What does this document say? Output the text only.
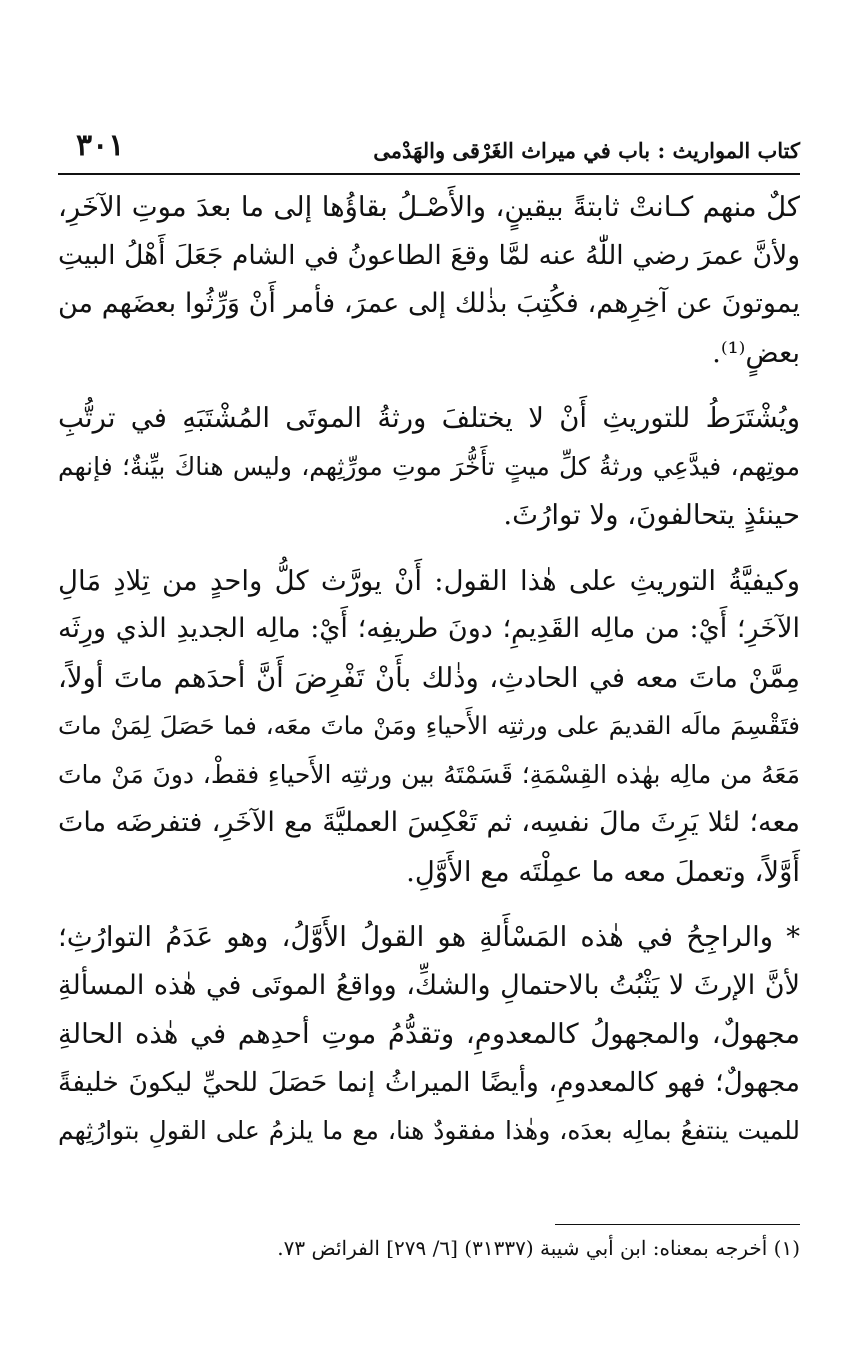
كتاب المواريث : باب في ميراث الغَرْقى والهَدْمى
٣٠١
كلٌ منهم كـانتْ ثابتةً بيقينٍ، والأَصْـلُ بقاؤُها إلى ما بعدَ موتِ الآخَرِ،
ولأنَّ عمرَ رضي اللّٰهُ عنه لمَّا وقعَ الطاعونُ في الشام جَعَلَ أَهْلُ البيتِ
يموتونَ عن آخِرِهم، فكُتِبَ بذٰلك إلى عمرَ، فأمر أَنْ وَرِّثُوا بعضَهم من
بعضٍ⁽¹⁾.
ويُشْتَرَطُ للتوريثِ أَنْ لا يختلفَ ورثةُ الموتَى المُشْتَبَهِ في ترتُّبِ
موتِهم، فيدَّعِي ورثةُ كلِّ ميتٍ تأَخُّرَ موتِ مورِّثِهم، وليس هناكَ بيِّنةٌ؛ فإنهم
حينئذٍ يتحالفونَ، ولا توارُثَ.
وكيفيَّةُ التوريثِ على هٰذا القول: أَنْ يورَّث كلُّ واحدٍ من تِلادِ مَالِ
الآخَرِ؛ أَيْ: من مالِه القَدِيمِ؛ دونَ طريفِه؛ أَيْ: مالِه الجديدِ الذي ورِثَه
مِمَّنْ ماتَ معه في الحادثِ، وذٰلك بأَنْ تَفْرِضَ أَنَّ أحدَهم ماتَ أولاً،
فتَقْسِمَ مالَه القديمَ على ورثتِه الأَحياءِ ومَنْ ماتَ معَه، فما حَصَلَ لِمَنْ ماتَ
مَعَهُ من مالِه بهٰذه القِسْمَةِ؛ قَسَمْتَهُ بين ورثتِه الأَحياءِ فقطْ، دونَ مَنْ ماتَ
معه؛ لئلا يَرِثَ مالَ نفسِه، ثم تَعْكِسَ العمليَّةَ مع الآخَرِ، فتفرضَه ماتَ
أَوَّلاً، وتعملَ معه ما عمِلْتَه مع الأَوَّلِ.
* والراجِحُ في هٰذه المَسْأَلةِ هو القولُ الأَوَّلُ، وهو عَدَمُ التوارُثِ؛
لأنَّ الإرثَ لا يَثْبُتُ بالاحتمالِ والشكِّ، وواقعُ الموتَى في هٰذه المسألةِ
مجهولٌ، والمجهولُ كالمعدومِ، وتقدُّمُ موتِ أحدِهم في هٰذه الحالةِ
مجهولٌ؛ فهو كالمعدومِ، وأيضًا الميراثُ إنما حَصَلَ للحيِّ ليكونَ خليفةً
للميت ينتفعُ بمالِه بعدَه، وهٰذا مفقودٌ هنا، مع ما يلزمُ على القولِ بتوارُثِهم
(١) أخرجه بمعناه: ابن أبي شيبة (٣١٣٣٧) [٦/ ٢٧٩] الفرائض ٧٣.
